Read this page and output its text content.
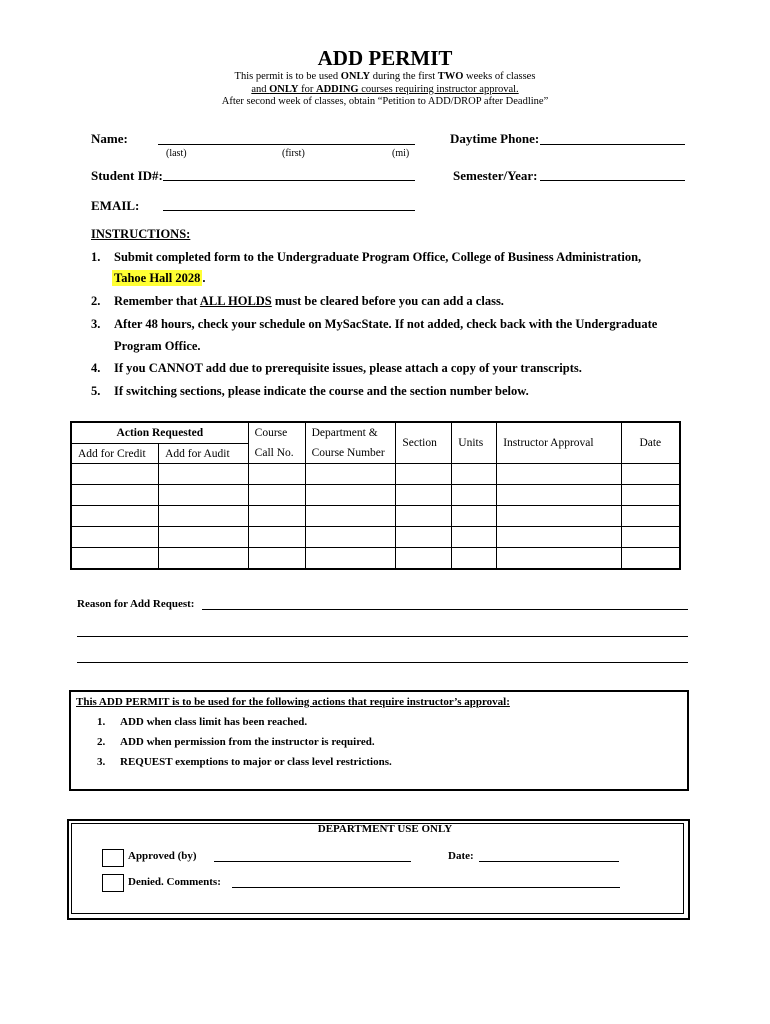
ADD PERMIT
This permit is to be used ONLY during the first TWO weeks of classes
and ONLY for ADDING courses requiring instructor approval.
After second week of classes, obtain “Petition to ADD/DROP after Deadline”
Name:
(last)	(first)	(mi)
Daytime Phone:
Student ID#:	Semester/Year:
EMAIL:
INSTRUCTIONS:
1. Submit completed form to the Undergraduate Program Office, College of Business Administration,
Tahoe Hall 2028 .
2. Remember that ALL HOLDS must be cleared before you can add a class.
3. After 48 hours, check your schedule on MySacState. If not added, check back with the Undergraduate
Program Office.
4. If you CANNOT add due to prerequisite issues, please attach a copy of your transcripts.
5. If switching sections, please indicate the course and the section number below.
Action Requested		Course	Department &	Section	Units	Instructor Approval	Date
Add for Credit	Add for Audit	Call No.	Course Number				

Reason for Add Request:
This ADD PERMIT is to be used for the following actions that require instructor’s approval:
1. ADD when class limit has been reached.
2. ADD when permission from the instructor is required.
3. REQUEST exemptions to major or class level restrictions.
DEPARTMENT USE ONLY
Approved (by)	Date:
Denied. Comments:
